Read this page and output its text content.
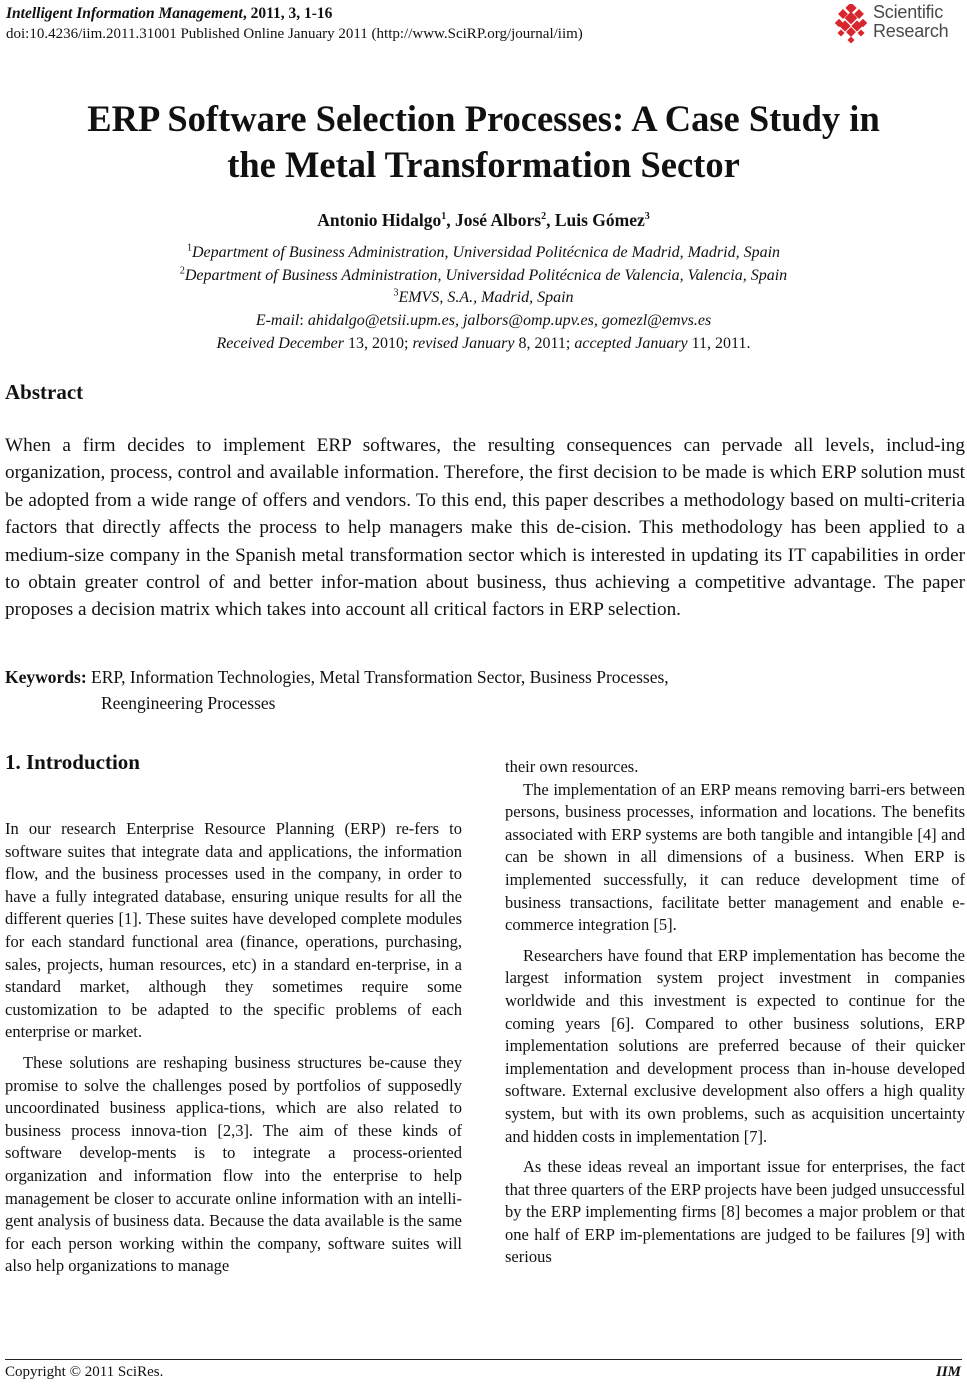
Intelligent Information Management, 2011, 3, 1-16
doi:10.4236/iim.2011.31001 Published Online January 2011 (http://www.SciRP.org/journal/iim)
Scientific
Research
ERP Software Selection Processes: A Case Study in
the Metal Transformation Sector
Antonio Hidalgo$^1$, José Albors$^2$, Luis Gómez$^3$
$^1$Department of Business Administration, Universidad Politécnica de Madrid, Madrid, Spain
$^2$Department of Business Administration, Universidad Politécnica de Valencia, Valencia, Spain
$^3$EMVS, S.A., Madrid, Spain
E-mail: ahidalgo@etsii.upm.es, jalbors@omp.upv.es, gomezl@emvs.es
Received December 13, 2010; revised January 8, 2011; accepted January 11, 2011.
Abstract
When a firm decides to implement ERP softwares, the resulting consequences can pervade all levels, includ-ing organization, process, control and available information. Therefore, the first decision to be made is which ERP solution must be adopted from a wide range of offers and vendors. To this end, this paper describes a methodology based on multi-criteria factors that directly affects the process to help managers make this de-cision. This methodology has been applied to a medium-size company in the Spanish metal transformation sector which is interested in updating its IT capabilities in order to obtain greater control of and better infor-mation about business, thus achieving a competitive advantage. The paper proposes a decision matrix which takes into account all critical factors in ERP selection.
Keywords: ERP, Information Technologies, Metal Transformation Sector, Business Processes,
Reengineering Processes
1. Introduction

In our research Enterprise Resource Planning (ERP) re-fers to software suites that integrate data and applications, the information flow, and the business processes used in the company, in order to have a fully integrated database, ensuring unique results for all the different queries [1]. These suites have developed complete modules for each standard functional area (finance, operations, purchasing, sales, projects, human resources, etc) in a standard en-terprise, in a standard market, although they sometimes require some customization to be adapted to the specific problems of each enterprise or market.

These solutions are reshaping business structures be-cause they promise to solve the challenges posed by portfolios of supposedly uncoordinated business applica-tions, which are also related to business process innova-tion [2,3]. The aim of these kinds of software develop-ments is to integrate a process-oriented organization and information flow into the enterprise to help management be closer to accurate online information with an intelli-gent analysis of business data. Because the data available is the same for each person working within the company, software suites will also help organizations to manage

their own resources.

The implementation of an ERP means removing barri-ers between persons, business processes, information and locations. The benefits associated with ERP systems are both tangible and intangible [4] and can be shown in all dimensions of a business. When ERP is implemented successfully, it can reduce development time of business transactions, facilitate better management and enable e-commerce integration [5].

Researchers have found that ERP implementation has become the largest information system project investment in companies worldwide and this investment is expected to continue for the coming years [6]. Compared to other business solutions, ERP implementation solutions are preferred because of their quicker implementation and development process than in-house developed software. External exclusive development also offers a high quality system, but with its own problems, such as acquisition uncertainty and hidden costs in implementation [7].

As these ideas reveal an important issue for enterprises, the fact that three quarters of the ERP projects have been judged unsuccessful by the ERP implementing firms [8] becomes a major problem or that one half of ERP im-plementations are judged to be failures [9] with serious

Copyright © 2011 SciRes.	IIM
